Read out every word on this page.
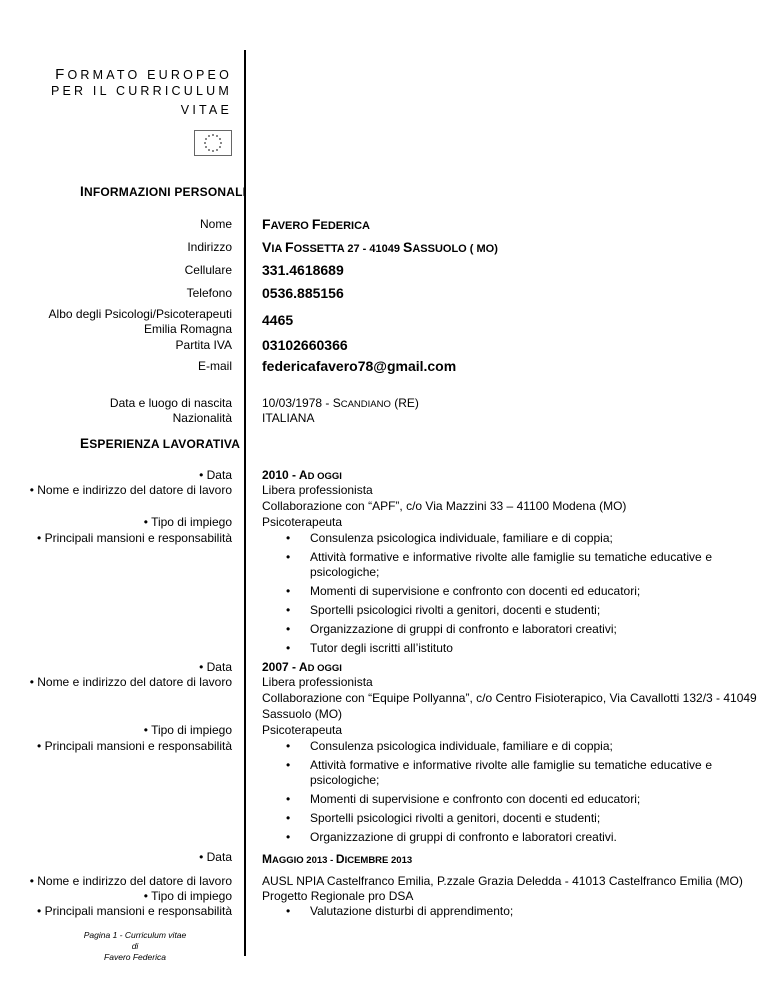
FORMATO EUROPEO
PER IL CURRICULUM
VITAE
INFORMAZIONI PERSONALI
Nome FAVERO FEDERICA
Indirizzo VIA FOSSETTA 27 - 41049 SASSUOLO ( MO)
Cellulare 331.4618689
Telefono 0536.885156
Albo degli Psicologi/Psicoterapeuti
Emilia Romagna
4465
Partita IVA 03102660366
E-mail federicafavero78@gmail.com
Data e luogo di nascita	10/03/1978 - SCANDIANO (RE)
Nazionalità	ITALIANA
ESPERIENZA LAVORATIVA
• Data
• Nome e indirizzo del datore di lavoro
• Tipo di impiego
• Principali mansioni e responsabilità
2010 - AD OGGI
Libera professionista
Collaborazione con “APF”, c/o Via Mazzini 33 – 41100 Modena (MO)
Psicoterapeuta
• Consulenza psicologica individuale, familiare e di coppia;
• Attività formative e informative rivolte alle famiglie su tematiche educative e psicologiche;
• Momenti di supervisione e confronto con docenti ed educatori;
• Sportelli psicologici rivolti a genitori, docenti e studenti;
• Organizzazione di gruppi di confronto e laboratori creativi;
• Tutor degli iscritti all’istituto
• Data
• Nome e indirizzo del datore di lavoro
• Tipo di impiego
• Principali mansioni e responsabilità
2007 - AD OGGI
Libera professionista
Collaborazione con “Equipe Pollyanna”, c/o Centro Fisioterapico, Via Cavallotti 132/3 - 41049
Sassuolo (MO)
Psicoterapeuta
• Consulenza psicologica individuale, familiare e di coppia;
• Attività formative e informative rivolte alle famiglie su tematiche educative e psicologiche;
• Momenti di supervisione e confronto con docenti ed educatori;
• Sportelli psicologici rivolti a genitori, docenti e studenti;
• Organizzazione di gruppi di confronto e laboratori creativi.
• Data
• Nome e indirizzo del datore di lavoro
• Tipo di impiego
• Principali mansioni e responsabilità
MAGGIO 2013 - DICEMBRE 2013
AUSL NPIA Castelfranco Emilia, P.zzale Grazia Deledda - 41013 Castelfranco Emilia (MO)
Progetto Regionale pro DSA
• Valutazione disturbi di apprendimento;
Pagina 1 - Curriculum vitae di
Favero Federica
